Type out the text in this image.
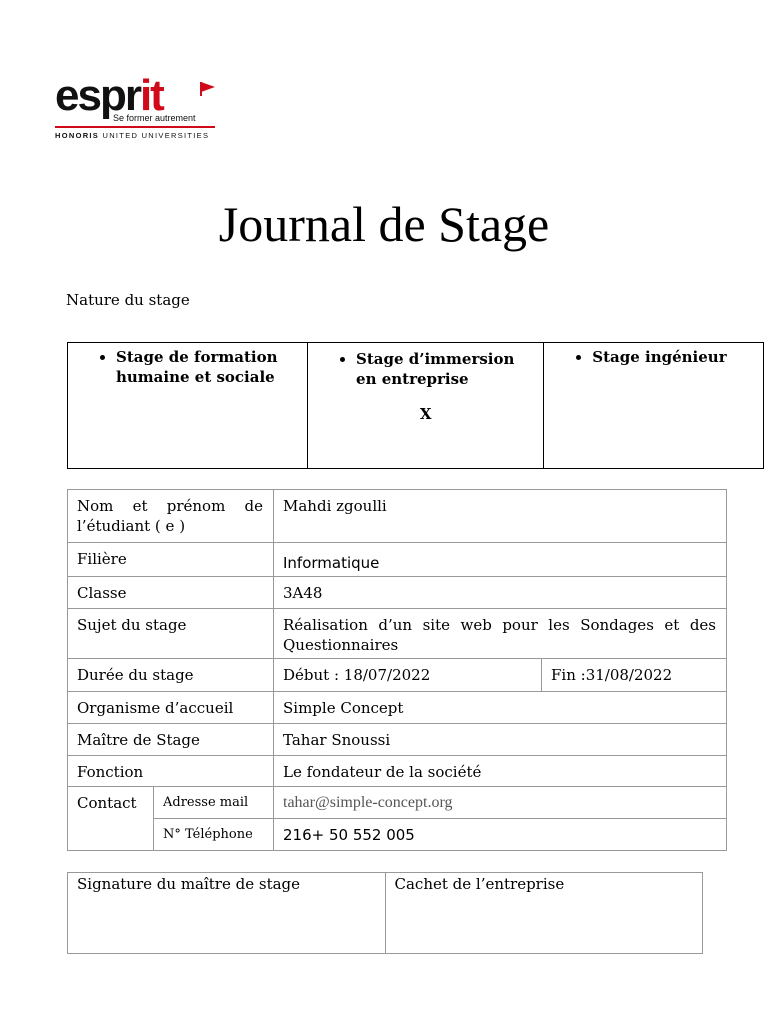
esprit
Se former autrement
HONORIS UNITED UNIVERSITIES
Journal de Stage
Nature du stage
• Stage de formation humaine et sociale

• Stage d’immersion en entreprise
X

• Stage ingénieur
Nom et prénom de l’étudiant ( e )		Mahdi zgoulli	
Filière		Informatique	
Classe		3A48	
Sujet du stage		Réalisation d’un site web pour les Sondages et des Questionnaires	
Durée du stage		Début : 18/07/2022	Fin :31/08/2022
Organisme d’accueil		Simple Concept	
Maître de Stage		Tahar Snoussi	
Fonction		Le fondateur de la société	
Contact	Adresse mail	tahar@simple-concept.org	
	N° Téléphone	216+ 50 552 005	
Signature du maître de stage	Cachet de l’entreprise
